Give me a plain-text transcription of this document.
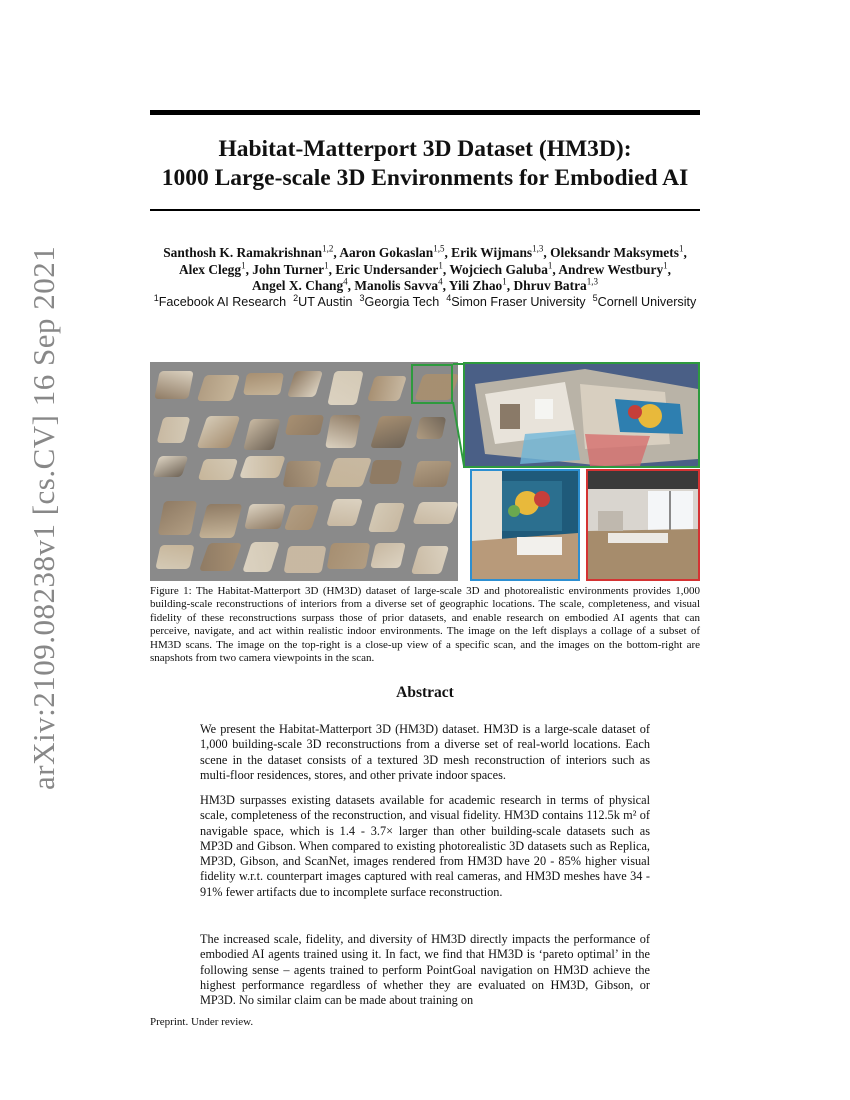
arXiv:2109.08238v1 [cs.CV] 16 Sep 2021
Habitat-Matterport 3D Dataset (HM3D):
1000 Large-scale 3D Environments for Embodied AI
Santhosh K. Ramakrishnan$^{1,2}$, Aaron Gokaslan$^{1,5}$, Erik Wijmans$^{1,3}$, Oleksandr Maksymets$^1$,
Alex Clegg$^1$, John Turner$^1$, Eric Undersander$^1$, Wojciech Galuba$^1$, Andrew Westbury$^1$,
Angel X. Chang$^4$, Manolis Savva$^4$, Yili Zhao$^1$, Dhruv Batra$^{1,3}$
$^1$Facebook AI Research $^2$UT Austin $^3$Georgia Tech $^4$Simon Fraser University $^5$Cornell University
Figure 1: The Habitat-Matterport 3D (HM3D) dataset of large-scale 3D and photorealistic environments provides 1,000 building-scale reconstructions of interiors from a diverse set of geographic locations. The scale, completeness, and visual fidelity of these reconstructions surpass those of prior datasets, and enable research on embodied AI agents that can perceive, navigate, and act within realistic indoor environments. The image on the left displays a collage of a subset of HM3D scans. The image on the top-right is a close-up view of a specific scan, and the images on the bottom-right are snapshots from two camera viewpoints in the scan.
Abstract
We present the Habitat-Matterport 3D (HM3D) dataset. HM3D is a large-scale dataset of 1,000 building-scale 3D reconstructions from a diverse set of real-world locations. Each scene in the dataset consists of a textured 3D mesh reconstruction of interiors such as multi-floor residences, stores, and other private indoor spaces.
HM3D surpasses existing datasets available for academic research in terms of physical scale, completeness of the reconstruction, and visual fidelity. HM3D contains 112.5k m² of navigable space, which is 1.4 - 3.7× larger than other building-scale datasets such as MP3D and Gibson. When compared to existing photorealistic 3D datasets such as Replica, MP3D, Gibson, and ScanNet, images rendered from HM3D have 20 - 85% higher visual fidelity w.r.t. counterpart images captured with real cameras, and HM3D meshes have 34 - 91% fewer artifacts due to incomplete surface reconstruction.
The increased scale, fidelity, and diversity of HM3D directly impacts the performance of embodied AI agents trained using it. In fact, we find that HM3D is ‘pareto optimal’ in the following sense – agents trained to perform PointGoal navigation on HM3D achieve the highest performance regardless of whether they are evaluated on HM3D, Gibson, or MP3D. No similar claim can be made about training on
Preprint. Under review.
